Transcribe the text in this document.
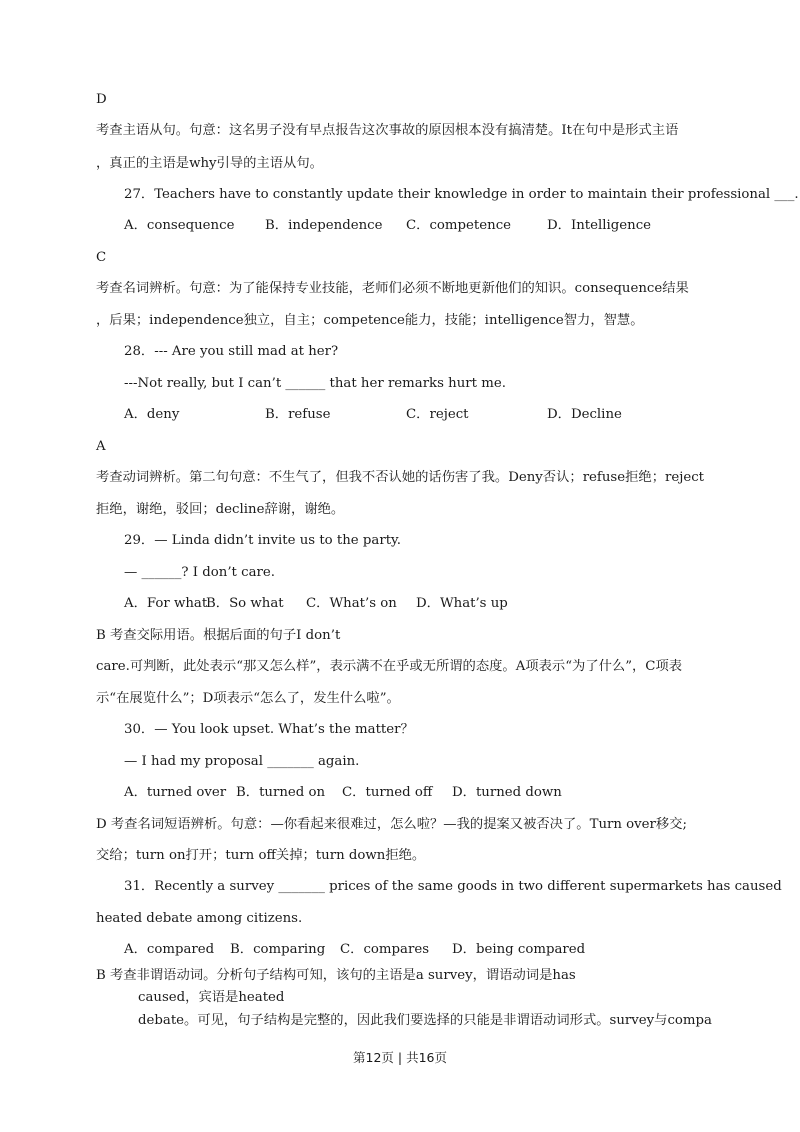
D
考查主语从句。句意：这名男子没有早点报告这次事故的原因根本没有搞清楚。It在句中是形式主语
，真正的主语是why引导的主语从句。
27．Teachers have to constantly update their knowledge in order to maintain their professional ___.
A．consequence B．independence C．competence	D．Intelligence
C
考查名词辨析。句意：为了能保持专业技能，老师们必须不断地更新他们的知识。consequence结果
，后果；independence独立，自主；competence能力，技能；intelligence智力，智慧。
28．--- Are you still mad at her?
---Not really, but I can’t ______ that her remarks hurt me.
A．deny	B．refuse	C．reject	D．Decline
A
考查动词辨析。第二句句意：不生气了，但我不否认她的话伤害了我。Deny否认；refuse拒绝；reject
拒绝，谢绝，驳回；decline辞谢，谢绝。
29．— Linda didn’t invite us to the party.
— ______? I don’t care.
A．For whatB．So what C．What’s on D．What’s up
B 考查交际用语。根据后面的句子I don’t
care.可判断，此处表示“那又怎么样”，表示满不在乎或无所谓的态度。A项表示“为了什么”，C项表
示“在展览什么”；D项表示“怎么了，发生什么啦”。
30．— You look upset. What’s the matter？
— I had my proposal _______ again.
A．turned over B．turned on C．turned off D．turned down
D 考查名词短语辨析。句意：—你看起来很难过，怎么啦？—我的提案又被否决了。Turn over移交;
交给；turn on打开；turn off关掉；turn down拒绝。
31．Recently a survey _______ prices of the same goods in two different supermarkets has caused
heated debate among citizens.
A．compared B．comparing C．compares D．being compared
B 考查非谓语动词。分析句子结构可知，该句的主语是a survey，谓语动词是has
caused，宾语是heated
debate。可见，句子结构是完整的，因此我们要选择的只能是非谓语动词形式。survey与compa
第12页 | 共16页
